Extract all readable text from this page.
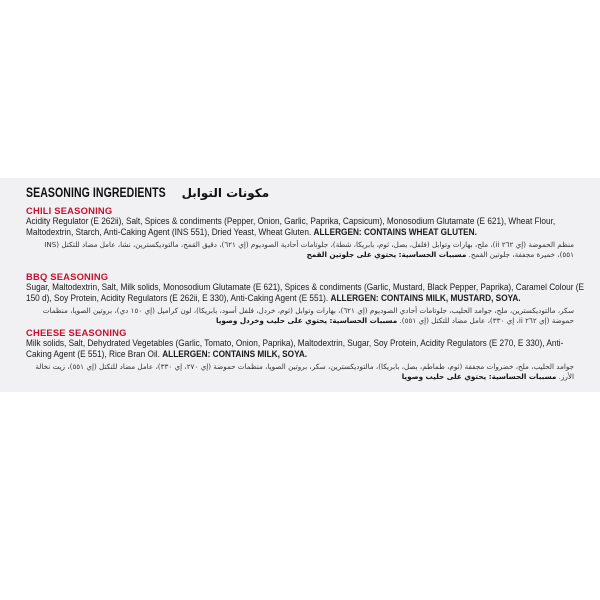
SEASONING INGREDIENTS مكونات التوابل
CHILI SEASONING
Acidity Regulator (E 262ii), Salt, Spices & condiments (Pepper, Onion, Garlic, Paprika, Capsicum), Monosodium Glutamate (E 621), Wheat Flour, Maltodextrin, Starch, Anti-Caking Agent (INS 551), Dried Yeast, Wheat Gluten. ALLERGEN: CONTAINS WHEAT GLUTEN.
منظم الحموضة (إي ٢٦٢ ii)، ملح، بهارات وتوابل (فلفل، بصل، ثوم، بابريكا، شطة)، جلوتامات أحادية الصوديوم (إي ٦٢١)، دقيق القمح، مالتوديكسترين، نشا، عامل مضاد للتكتل (INS ٥٥١)، خميرة مجففة، جلوتين القمح. مسببات الحساسية: يحتوي على جلوتين القمح
BBQ SEASONING
Sugar, Maltodextrin, Salt, Milk solids, Monosodium Glutamate (E 621), Spices & condiments (Garlic, Mustard, Black Pepper, Paprika), Caramel Colour (E 150 d), Soy Protein, Acidity Regulators (E 262ii, E 330), Anti-Caking Agent (E 551). ALLERGEN: CONTAINS MILK, MUSTARD, SOYA.
سكر، مالتوديكسترين، ملح، جوامد الحليب، جلوتامات أحادي الصوديوم (إي ٦٢١)، بهارات وتوابل (ثوم، خردل، فلفل أسود، بابريكا)، لون كراميل (إي ١٥٠ دي)، بروتين الصويا، منظمات حموضة (إي ٢٦٢ ii، إي ٣٣٠)، عامل مضاد للتكتل (إي ٥٥١). مسببات الحساسية: يحتوي على حليب وخردل وصويا
CHEESE SEASONING
Milk solids, Salt, Dehydrated Vegetables (Garlic, Tomato, Onion, Paprika), Maltodextrin, Sugar, Soy Protein, Acidity Regulators (E 270, E 330), Anti-Caking Agent (E 551), Rice Bran Oil. ALLERGEN: CONTAINS MILK, SOYA.
جوامد الحليب، ملح، خضروات مجففة (ثوم، طماطم، بصل، بابريكا)، مالتوديكسترين، سكر، بروتين الصويا، منظمات حموضة (إي ٢٧٠، إي ٣٣٠)، عامل مضاد للتكتل (إي ٥٥١)، زيت نخالة الأرز. مسببات الحساسية: يحتوي على حليب وصويا
